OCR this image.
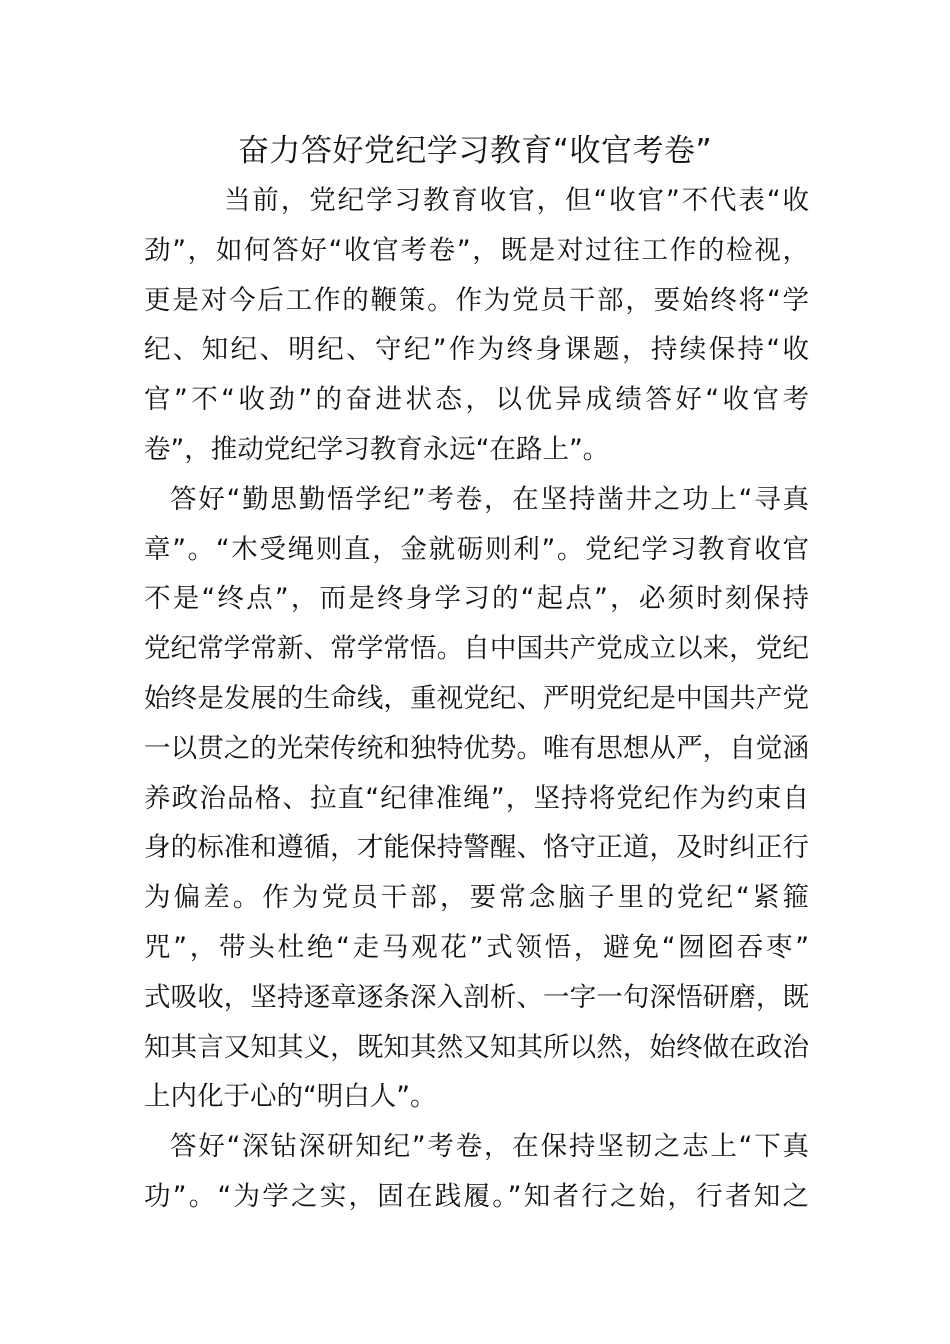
奋力答好党纪学习教育“收官考卷”
当前，党纪学习教育收官，但“收官”不代表“收
劲”，如何答好“收官考卷”，既是对过往工作的检视，
更是对今后工作的鞭策。作为党员干部，要始终将“学
纪、知纪、明纪、守纪”作为终身课题，持续保持“收
官”不“收劲”的奋进状态，以优异成绩答好“收官考
卷”，推动党纪学习教育永远“在路上”。
答好“勤思勤悟学纪”考卷，在坚持凿井之功上“寻真
章”。“木受绳则直，金就砺则利”。党纪学习教育收官
不是“终点”，而是终身学习的“起点”，必须时刻保持
党纪常学常新、常学常悟。自中国共产党成立以来，党纪
始终是发展的生命线，重视党纪、严明党纪是中国共产党
一以贯之的光荣传统和独特优势。唯有思想从严，自觉涵
养政治品格、拉直“纪律准绳”，坚持将党纪作为约束自
身的标准和遵循，才能保持警醒、恪守正道，及时纠正行
为偏差。作为党员干部，要常念脑子里的党纪“紧箍
咒”，带头杜绝“走马观花”式领悟，避免“囫囵吞枣”
式吸收，坚持逐章逐条深入剖析、一字一句深悟研磨，既
知其言又知其义，既知其然又知其所以然，始终做在政治
上内化于心的“明白人”。
答好“深钻深研知纪”考卷，在保持坚韧之志上“下真
功”。“为学之实，固在践履。”知者行之始，行者知之
